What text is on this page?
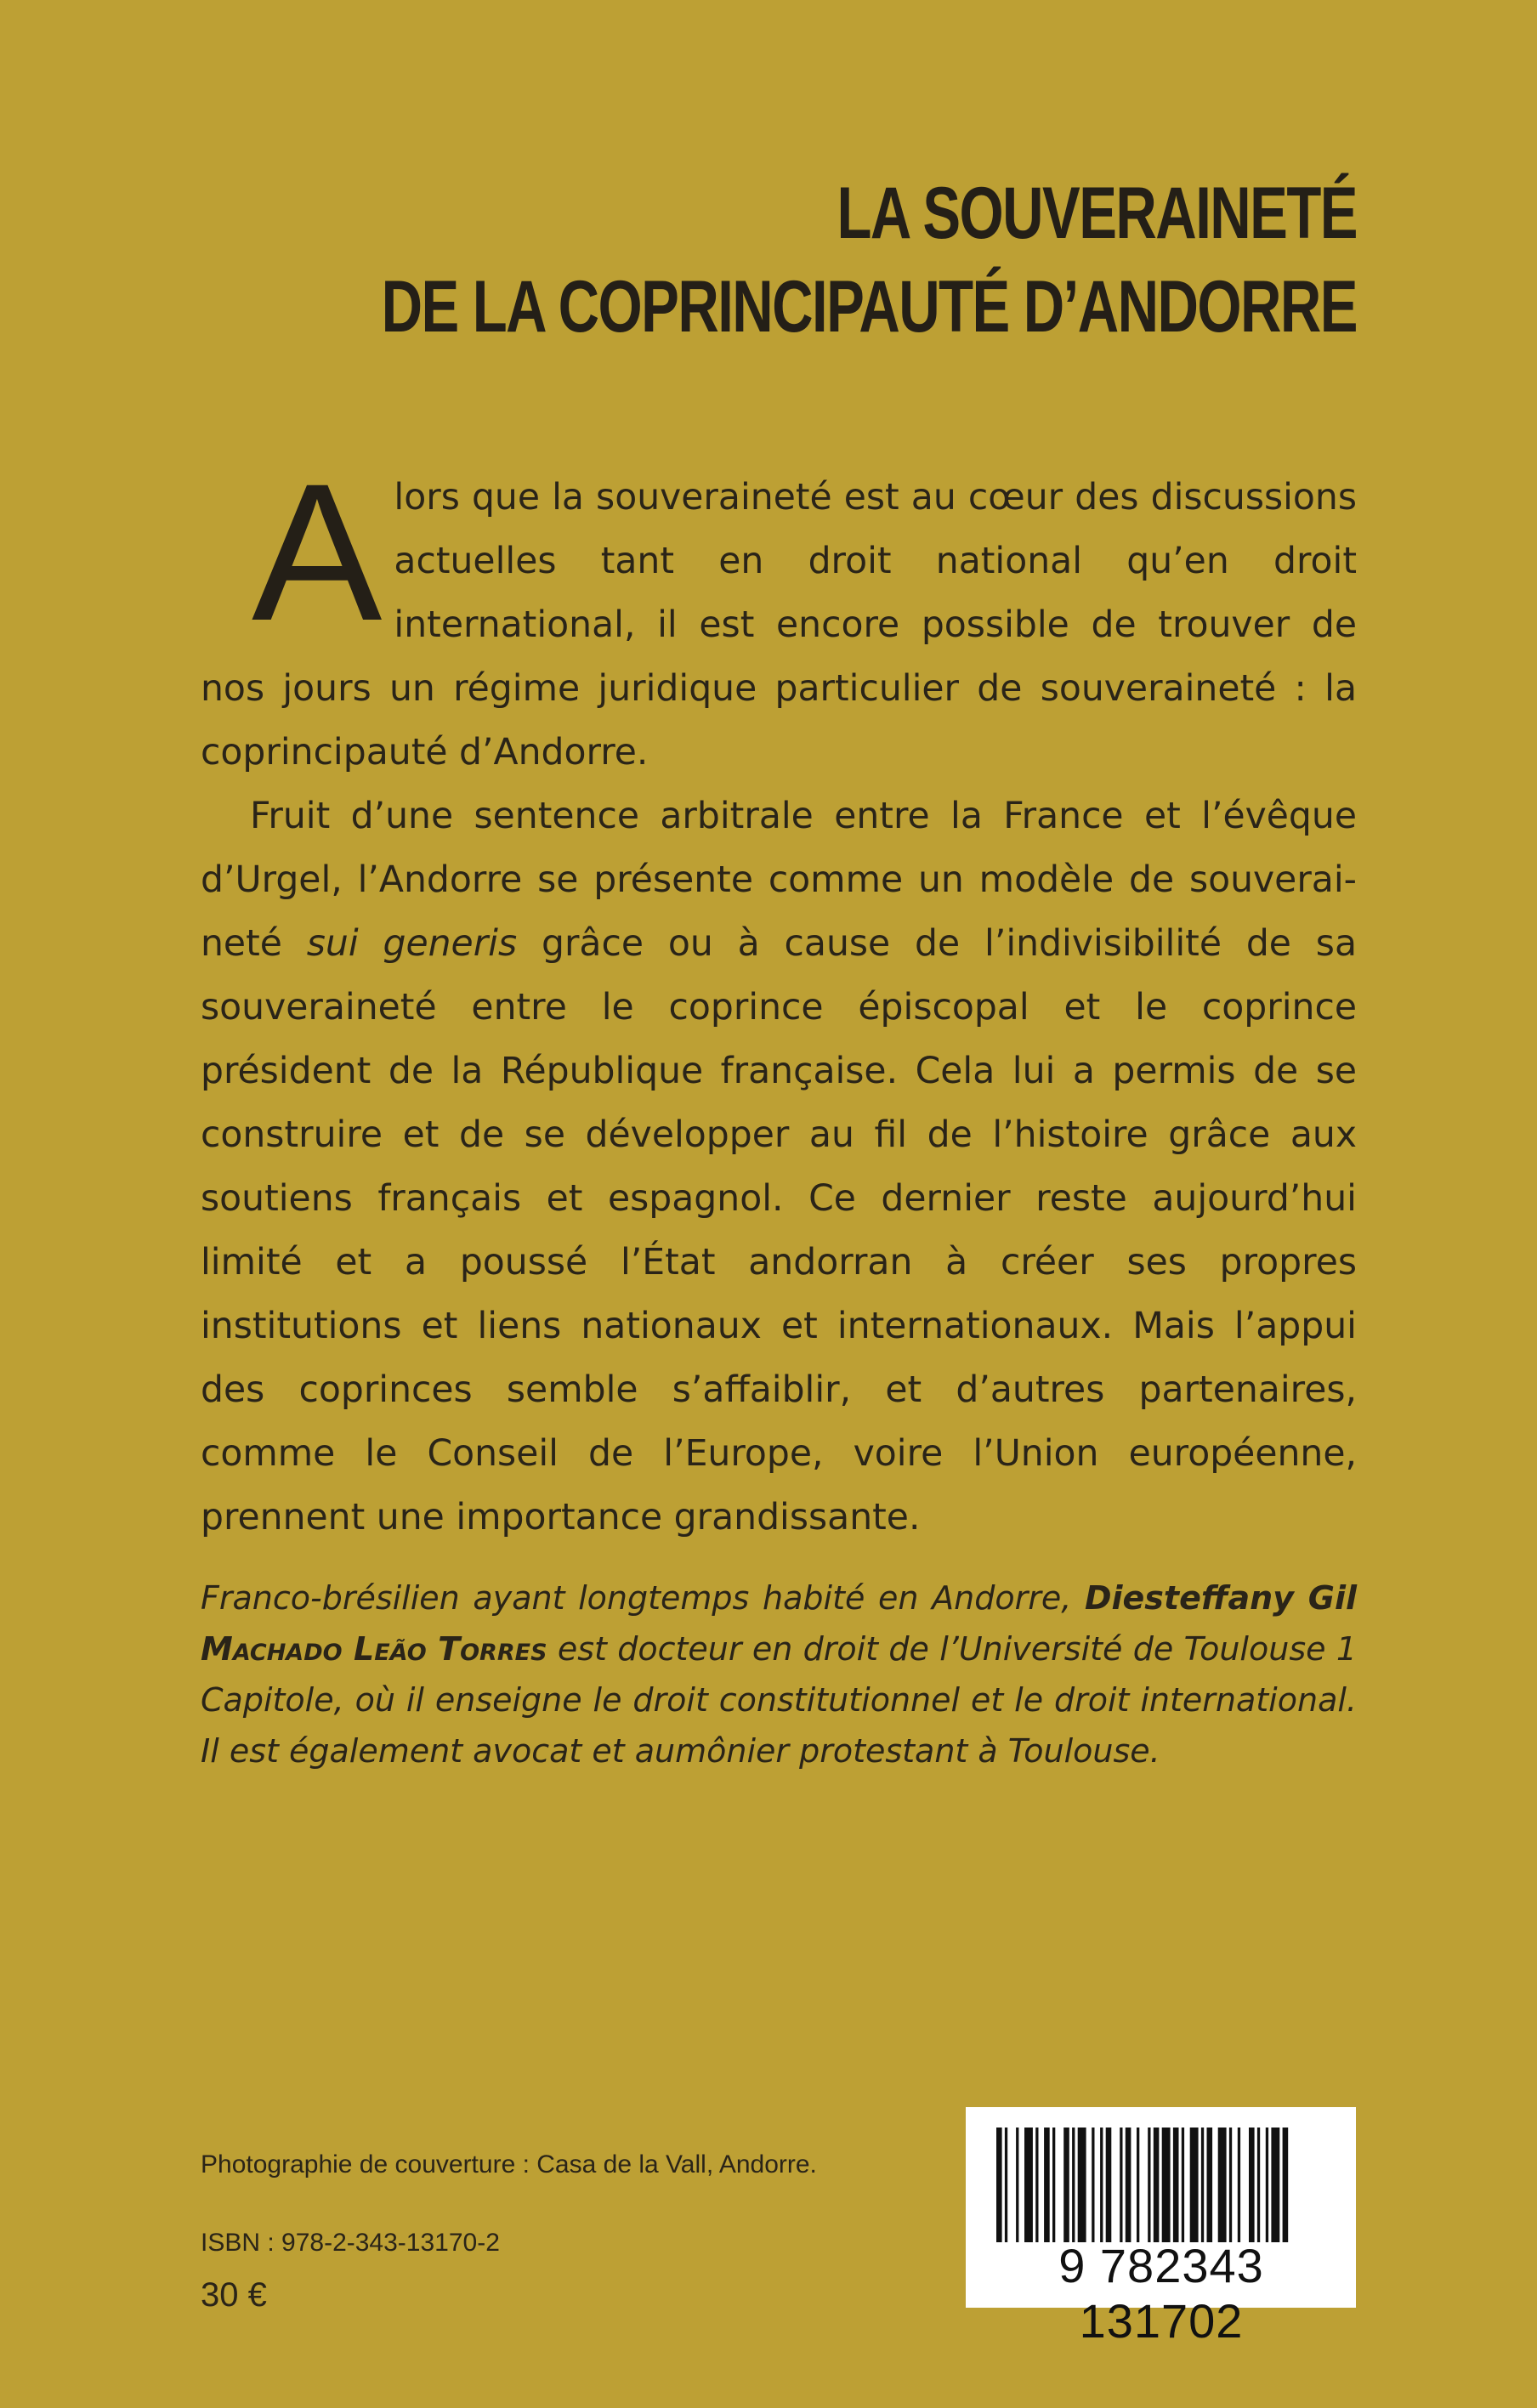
LA SOUVERAINETÉ
DE LA COPRINCIPAUTÉ D’ANDORRE

Alors que la souveraineté est au cœur des discussions actuelles tant en droit national qu’en droit international, il est encore possible de trouver de nos jours un régime juridique particulier de souveraineté : la coprincipauté d’Andorre.

Fruit d’une sentence arbitrale entre la France et l’évêque d’Urgel, l’Andorre se présente comme un modèle de souverai-neté sui generis grâce ou à cause de l’indivisibilité de sa souveraineté entre le coprince épiscopal et le coprince président de la République française. Cela lui a permis de se construire et de se développer au fil de l’histoire grâce aux soutiens français et espagnol. Ce dernier reste aujourd’hui limité et a poussé l’État andorran à créer ses propres institutions et liens nationaux et internationaux. Mais l’appui des coprinces semble s’affaiblir, et d’autres partenaires, comme le Conseil de l’Europe, voire l’Union européenne, prennent une importance grandissante.

Franco-brésilien ayant longtemps habité en Andorre, Diesteffany Gil Machado Leão Torres est docteur en droit de l’Université de Toulouse 1 Capitole, où il enseigne le droit constitutionnel et le droit international. Il est également avocat et aumônier protestant à Toulouse.
Photographie de couverture : Casa de la Vall, Andorre.
ISBN : 978-2-343-13170-2
30 €
9 782343 131702
